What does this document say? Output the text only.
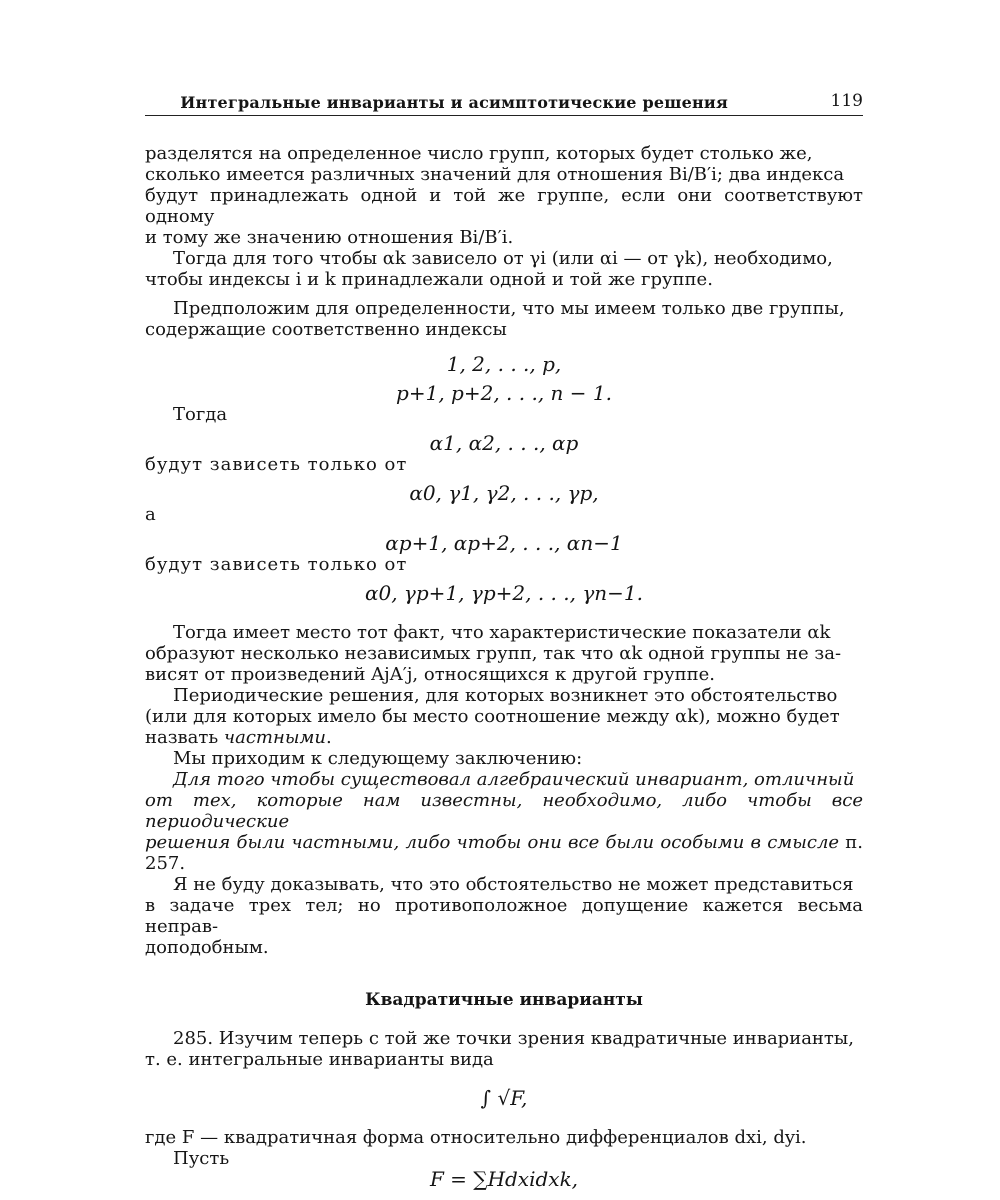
Интегральные инварианты и асимптотические решения	119

разделятся на определенное число групп, которых будет столько же,

сколько имеется различных значений для отношения Bi/B′i; два индекса

будут принадлежать одной и той же группе, если они соответствуют одному

и тому же значению отношения Bi/B′i.

Тогда для того чтобы αk зависело от γi (или αi — от γk), необходимо,

чтобы индексы i и k принадлежали одной и той же группе.

Предположим для определенности, что мы имеем только две группы,

содержащие соответственно индексы

1, 2, . . ., p,

p+1, p+2, . . ., n − 1.

Тогда

α1, α2, . . ., αp

будут зависеть только от

α0, γ1, γ2, . . ., γp,

а

αp+1, αp+2, . . ., αn−1

будут зависеть только от

α0, γp+1, γp+2, . . ., γn−1.

Тогда имеет место тот факт, что характеристические показатели αk

образуют несколько независимых групп, так что αk одной группы не за-

висят от произведений AjA′j, относящихся к другой группе.

Периодические решения, для которых возникнет это обстоятельство

(или для которых имело бы место соотношение между αk), можно будет

назвать частными.

Мы приходим к следующему заключению:

Для того чтобы существовал алгебраический инвариант, отличный

от тех, которые нам известны, необходимо, либо чтобы все периодические

решения были частными, либо чтобы они все были особыми в смысле п. 257.

Я не буду доказывать, что это обстоятельство не может представиться

в задаче трех тел; но противоположное допущение кажется весьма неправ-

доподобным.

Квадратичные инварианты

285. Изучим теперь с той же точки зрения квадратичные инварианты,

т. е. интегральные инварианты вида

∫ √F,

где F — квадратичная форма относительно дифференциалов dxi, dyi.

Пусть

F = ∑Hdxidxk,
